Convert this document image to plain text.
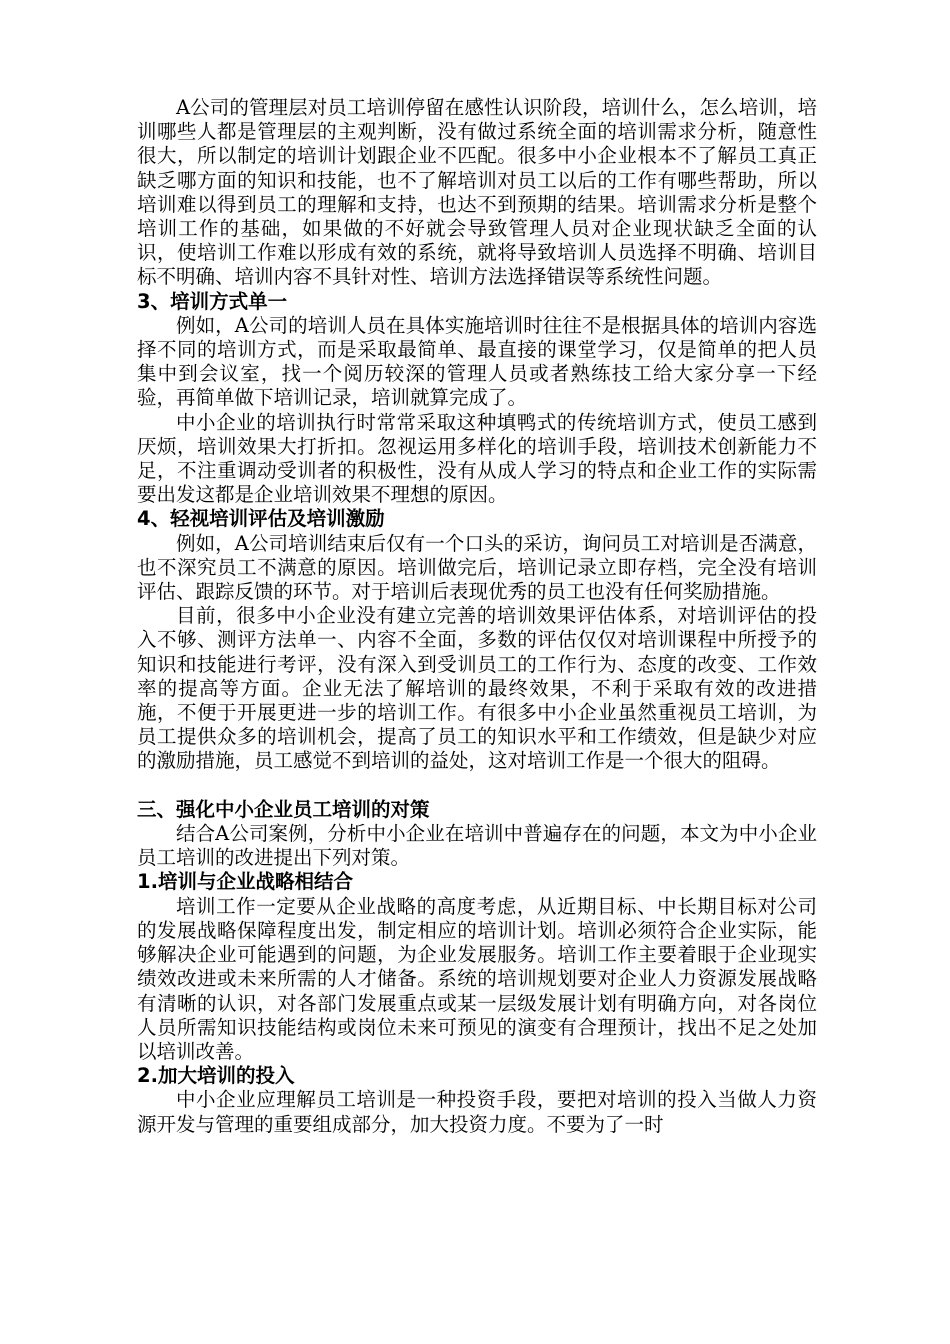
A公司的管理层对员工培训停留在感性认识阶段，培训什么，怎么培训，培训哪些人都是管理层的主观判断，没有做过系统全面的培训需求分析，随意性很大，所以制定的培训计划跟企业不匹配。很多中小企业根本不了解员工真正缺乏哪方面的知识和技能，也不了解培训对员工以后的工作有哪些帮助，所以培训难以得到员工的理解和支持，也达不到预期的结果。培训需求分析是整个培训工作的基础，如果做的不好就会导致管理人员对企业现状缺乏全面的认识，使培训工作难以形成有效的系统，就将导致培训人员选择不明确、培训目标不明确、培训内容不具针对性、培训方法选择错误等系统性问题。

3、培训方式单一

例如，A公司的培训人员在具体实施培训时往往不是根据具体的培训内容选择不同的培训方式，而是采取最简单、最直接的课堂学习，仅是简单的把人员集中到会议室，找一个阅历较深的管理人员或者熟练技工给大家分享一下经验，再简单做下培训记录，培训就算完成了。

中小企业的培训执行时常常采取这种填鸭式的传统培训方式，使员工感到厌烦，培训效果大打折扣。忽视运用多样化的培训手段，培训技术创新能力不足，不注重调动受训者的积极性，没有从成人学习的特点和企业工作的实际需要出发这都是企业培训效果不理想的原因。

4、轻视培训评估及培训激励

例如，A公司培训结束后仅有一个口头的采访，询问员工对培训是否满意，也不深究员工不满意的原因。培训做完后，培训记录立即存档，完全没有培训评估、跟踪反馈的环节。对于培训后表现优秀的员工也没有任何奖励措施。

目前，很多中小企业没有建立完善的培训效果评估体系，对培训评估的投入不够、测评方法单一、内容不全面，多数的评估仅仅对培训课程中所授予的知识和技能进行考评，没有深入到受训员工的工作行为、态度的改变、工作效率的提高等方面。企业无法了解培训的最终效果，不利于采取有效的改进措施，不便于开展更进一步的培训工作。有很多中小企业虽然重视员工培训，为员工提供众多的培训机会，提高了员工的知识水平和工作绩效，但是缺少对应的激励措施，员工感觉不到培训的益处，这对培训工作是一个很大的阻碍。

三、强化中小企业员工培训的对策

结合A公司案例，分析中小企业在培训中普遍存在的问题，本文为中小企业员工培训的改进提出下列对策。

1.培训与企业战略相结合

培训工作一定要从企业战略的高度考虑，从近期目标、中长期目标对公司的发展战略保障程度出发，制定相应的培训计划。培训必须符合企业实际，能够解决企业可能遇到的问题，为企业发展服务。培训工作主要着眼于企业现实绩效改进或未来所需的人才储备。系统的培训规划要对企业人力资源发展战略有清晰的认识，对各部门发展重点或某一层级发展计划有明确方向，对各岗位人员所需知识技能结构或岗位未来可预见的演变有合理预计，找出不足之处加以培训改善。

2.加大培训的投入

中小企业应理解员工培训是一种投资手段，要把对培训的投入当做人力资源开发与管理的重要组成部分，加大投资力度。不要为了一时
